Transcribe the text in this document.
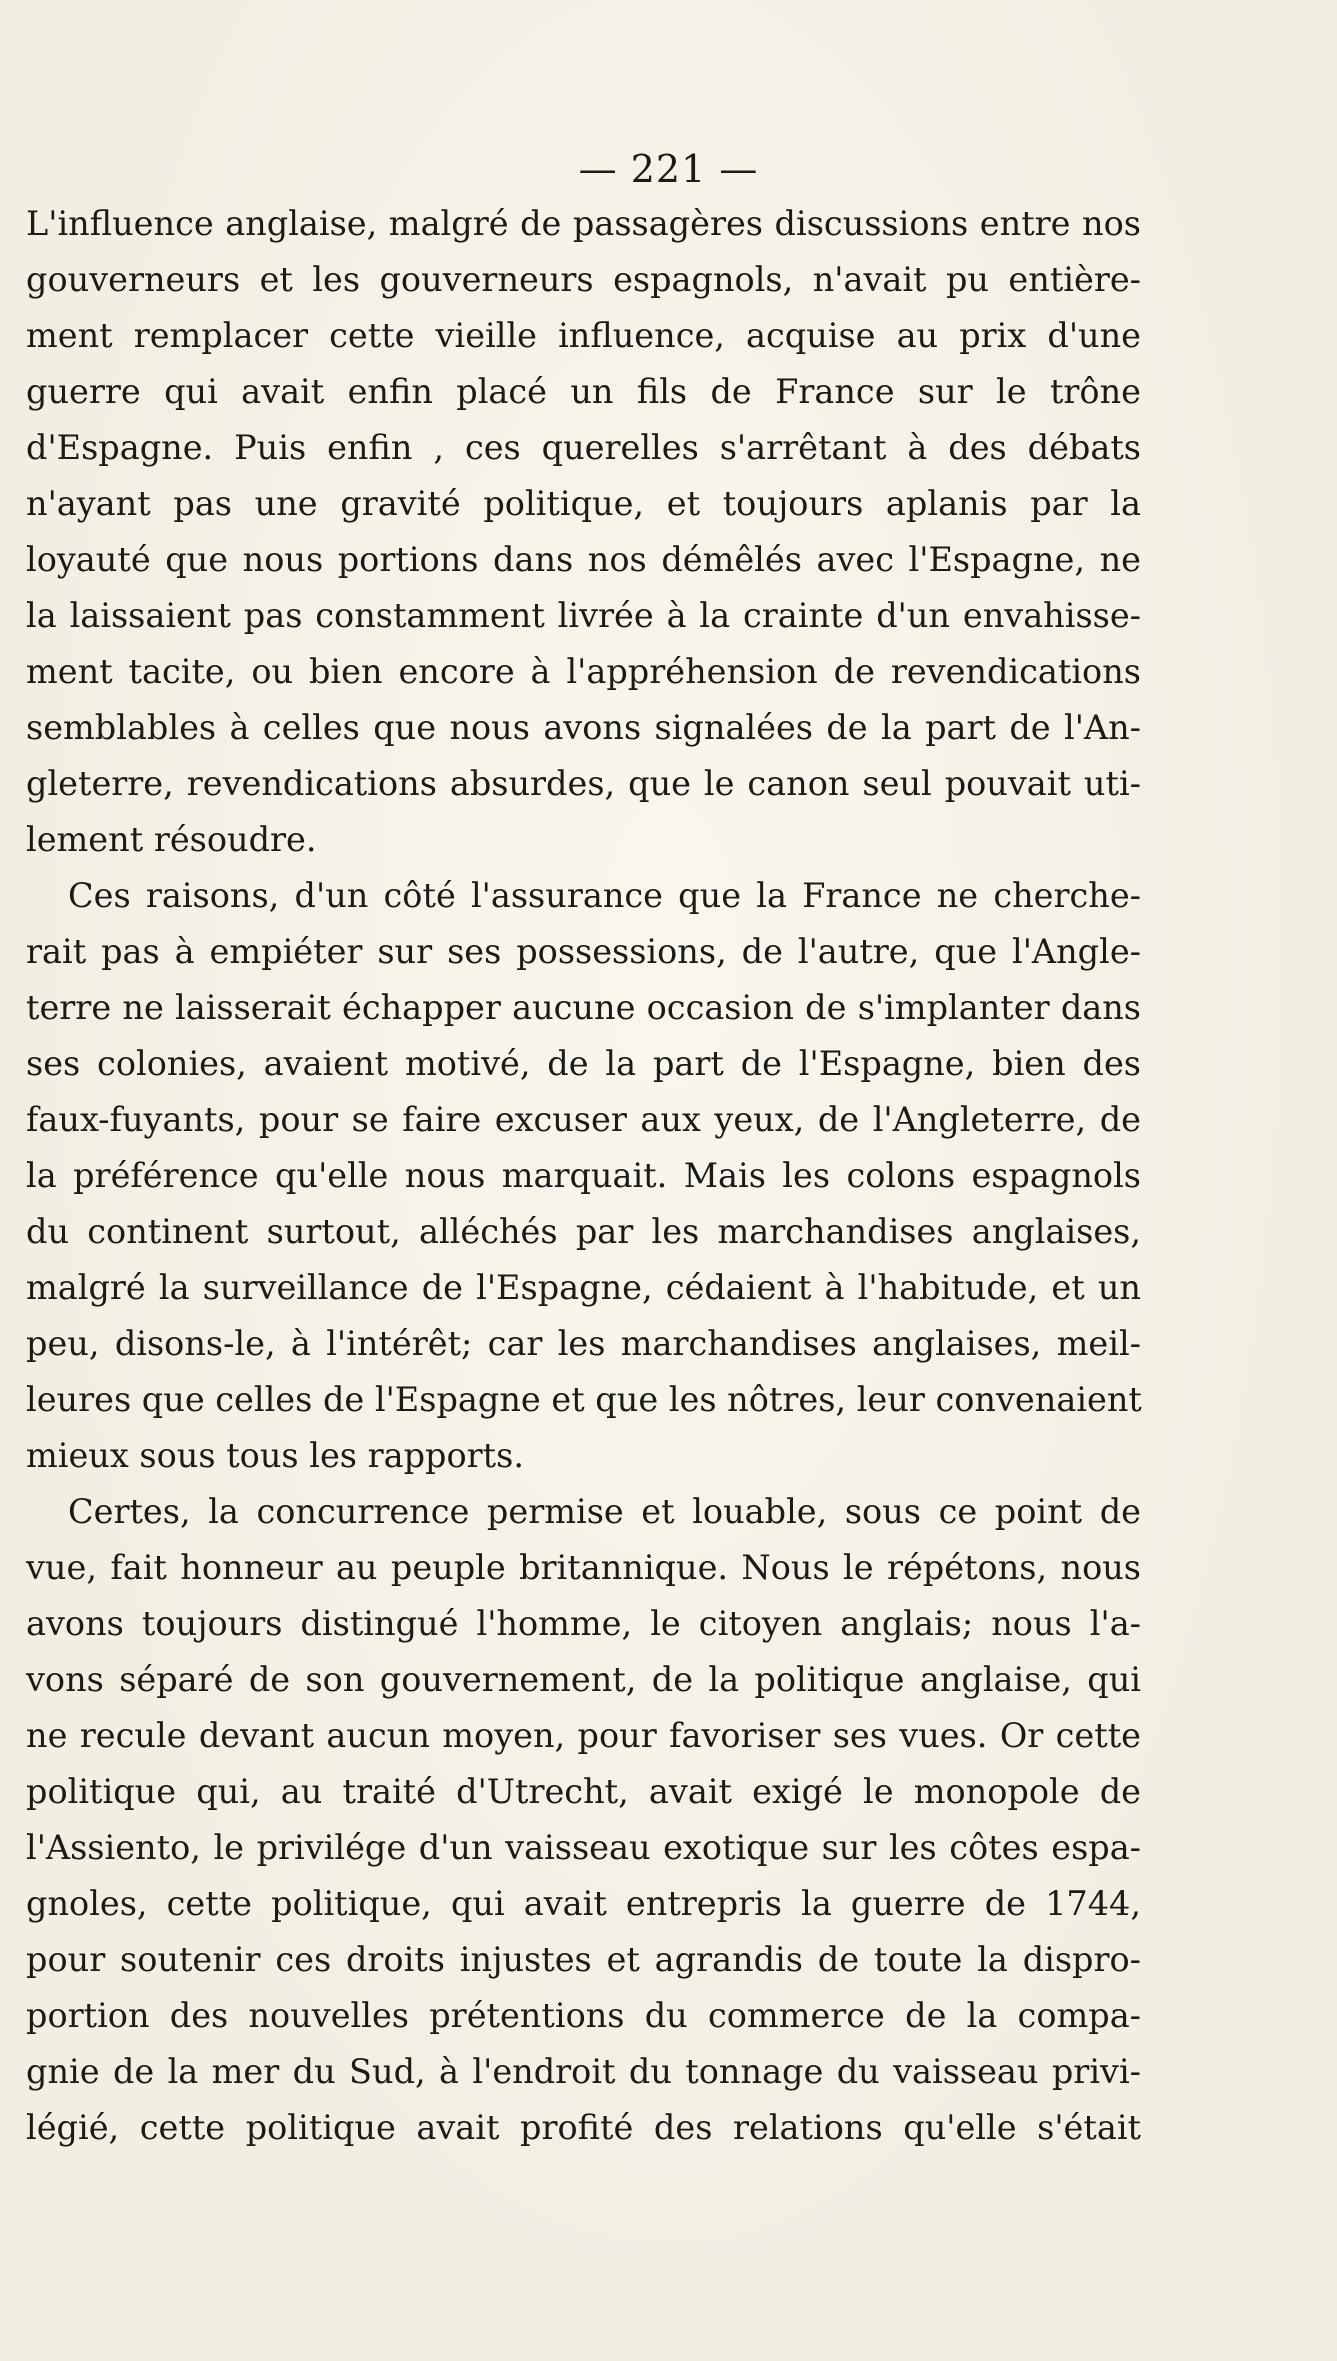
— 221 —
L'influence anglaise, malgré de passagères discussions entre nos
gouverneurs et les gouverneurs espagnols, n'avait pu entière-
ment remplacer cette vieille influence, acquise au prix d'une
guerre qui avait enfin placé un fils de France sur le trône
d'Espagne. Puis enfin , ces querelles s'arrêtant à des débats
n'ayant pas une gravité politique, et toujours aplanis par la
loyauté que nous portions dans nos démêlés avec l'Espagne, ne
la laissaient pas constamment livrée à la crainte d'un envahisse-
ment tacite, ou bien encore à l'appréhension de revendications
semblables à celles que nous avons signalées de la part de l'An-
gleterre, revendications absurdes, que le canon seul pouvait uti-
lement résoudre.
Ces raisons, d'un côté l'assurance que la France ne cherche-
rait pas à empiéter sur ses possessions, de l'autre, que l'Angle-
terre ne laisserait échapper aucune occasion de s'implanter dans
ses colonies, avaient motivé, de la part de l'Espagne, bien des
faux-fuyants, pour se faire excuser aux yeux, de l'Angleterre, de
la préférence qu'elle nous marquait. Mais les colons espagnols
du continent surtout, alléchés par les marchandises anglaises,
malgré la surveillance de l'Espagne, cédaient à l'habitude, et un
peu, disons-le, à l'intérêt; car les marchandises anglaises, meil-
leures que celles de l'Espagne et que les nôtres, leur convenaient
mieux sous tous les rapports.
Certes, la concurrence permise et louable, sous ce point de
vue, fait honneur au peuple britannique. Nous le répétons, nous
avons toujours distingué l'homme, le citoyen anglais; nous l'a-
vons séparé de son gouvernement, de la politique anglaise, qui
ne recule devant aucun moyen, pour favoriser ses vues. Or cette
politique qui, au traité d'Utrecht, avait exigé le monopole de
l'Assiento, le privilége d'un vaisseau exotique sur les côtes espa-
gnoles, cette politique, qui avait entrepris la guerre de 1744,
pour soutenir ces droits injustes et agrandis de toute la dispro-
portion des nouvelles prétentions du commerce de la compa-
gnie de la mer du Sud, à l'endroit du tonnage du vaisseau privi-
légié, cette politique avait profité des relations qu'elle s'était
